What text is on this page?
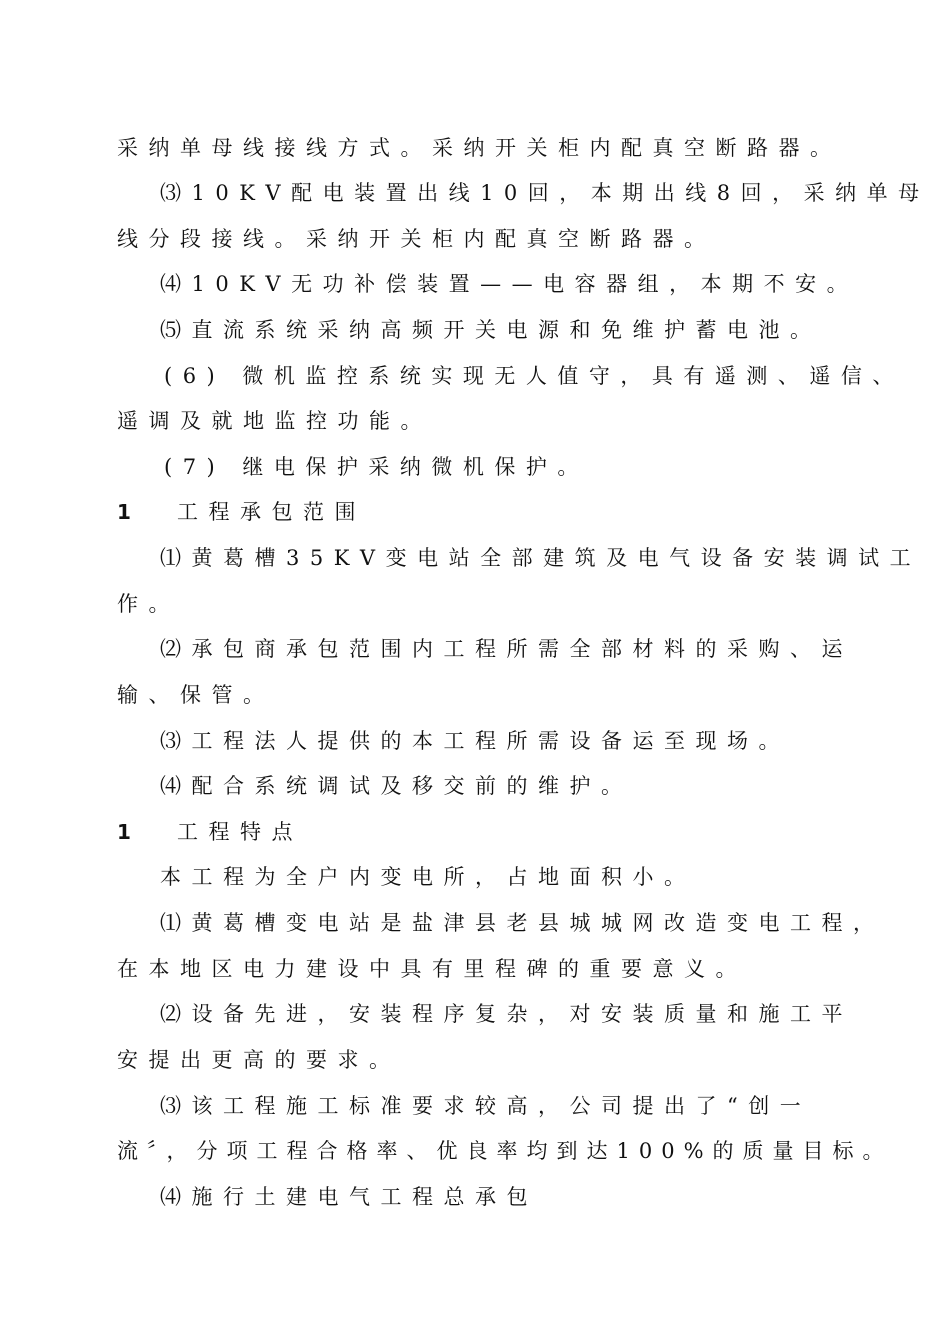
采纳单母线接线方式。采纳开关柜内配真空断路器。
⑶10KV配电装置出线10回，本期出线8回，采纳单母
线分段接线。采纳开关柜内配真空断路器。
⑷10KV无功补偿装置——电容器组，本期不安。
⑸直流系统采纳高频开关电源和免维护蓄电池。
(6) 微机监控系统实现无人值守，具有遥测、遥信、
遥调及就地监控功能。
(7) 继电保护采纳微机保护。
1 工程承包范围
⑴黄葛槽35KV变电站全部建筑及电气设备安装调试工
作。
⑵承包商承包范围内工程所需全部材料的采购、运
输、保管。
⑶工程法人提供的本工程所需设备运至现场。
⑷配合系统调试及移交前的维护。
1 工程特点
本工程为全户内变电所，占地面积小。
⑴黄葛槽变电站是盐津县老县城城网改造变电工程，
在本地区电力建设中具有里程碑的重要意义。
⑵设备先进，安装程序复杂，对安装质量和施工平
安提出更高的要求。
⑶该工程施工标准要求较高，公司提出了“创一
流〞，分项工程合格率、优良率均到达100%的质量目标。
⑷施行土建电气工程总承包
